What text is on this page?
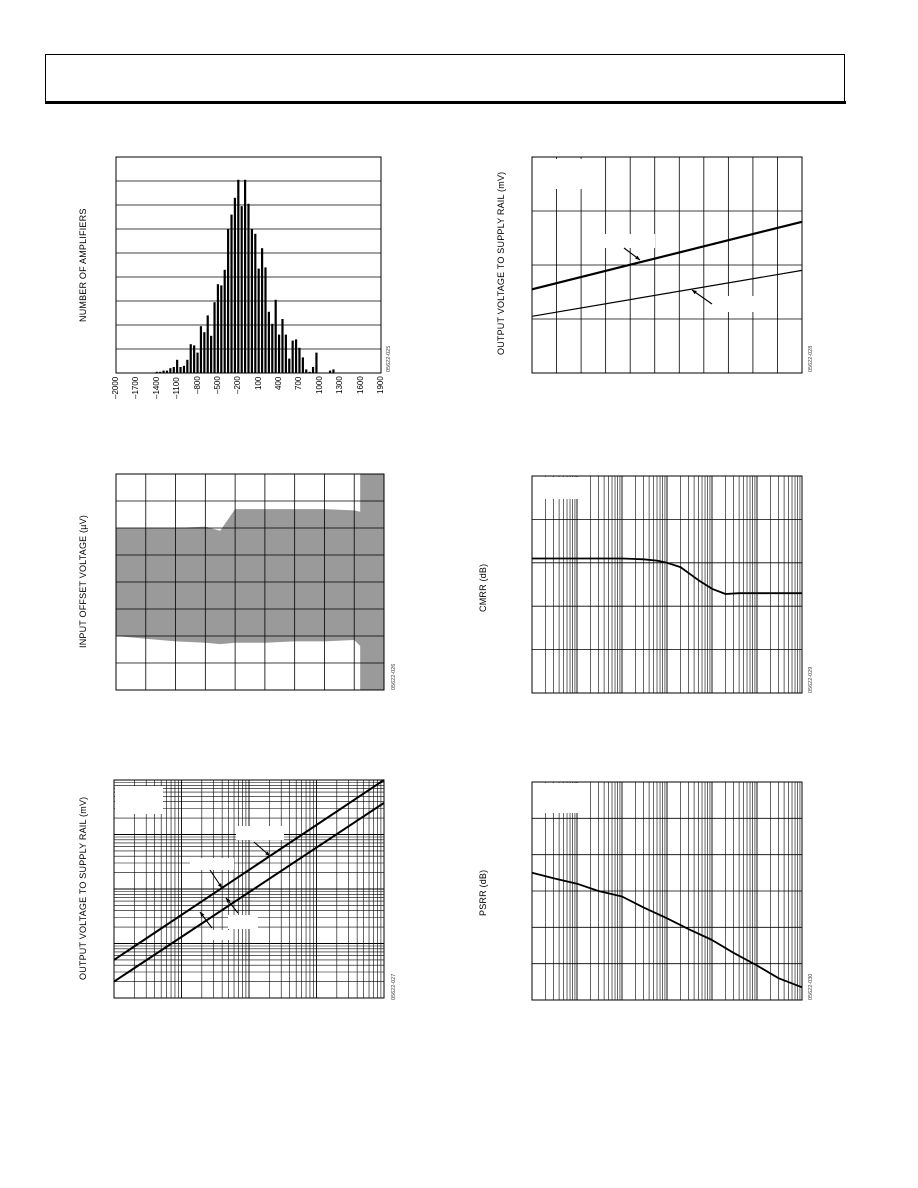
NUMBER OF AMPLIFIERS
05622-025
INPUT OFFSET VOLTAGE (µV)
05622-026
OUTPUT VOLTAGE TO SUPPLY RAIL (mV)
05622-027
OUTPUT VOLTAGE TO SUPPLY RAIL (mV)
05622-028
CMRR (dB)
05622-029
PSRR (dB)
05622-030
–2000 –1700 –1400 –1100 –800 –500 –200 100 400 700 1000 1300 1600 1900
